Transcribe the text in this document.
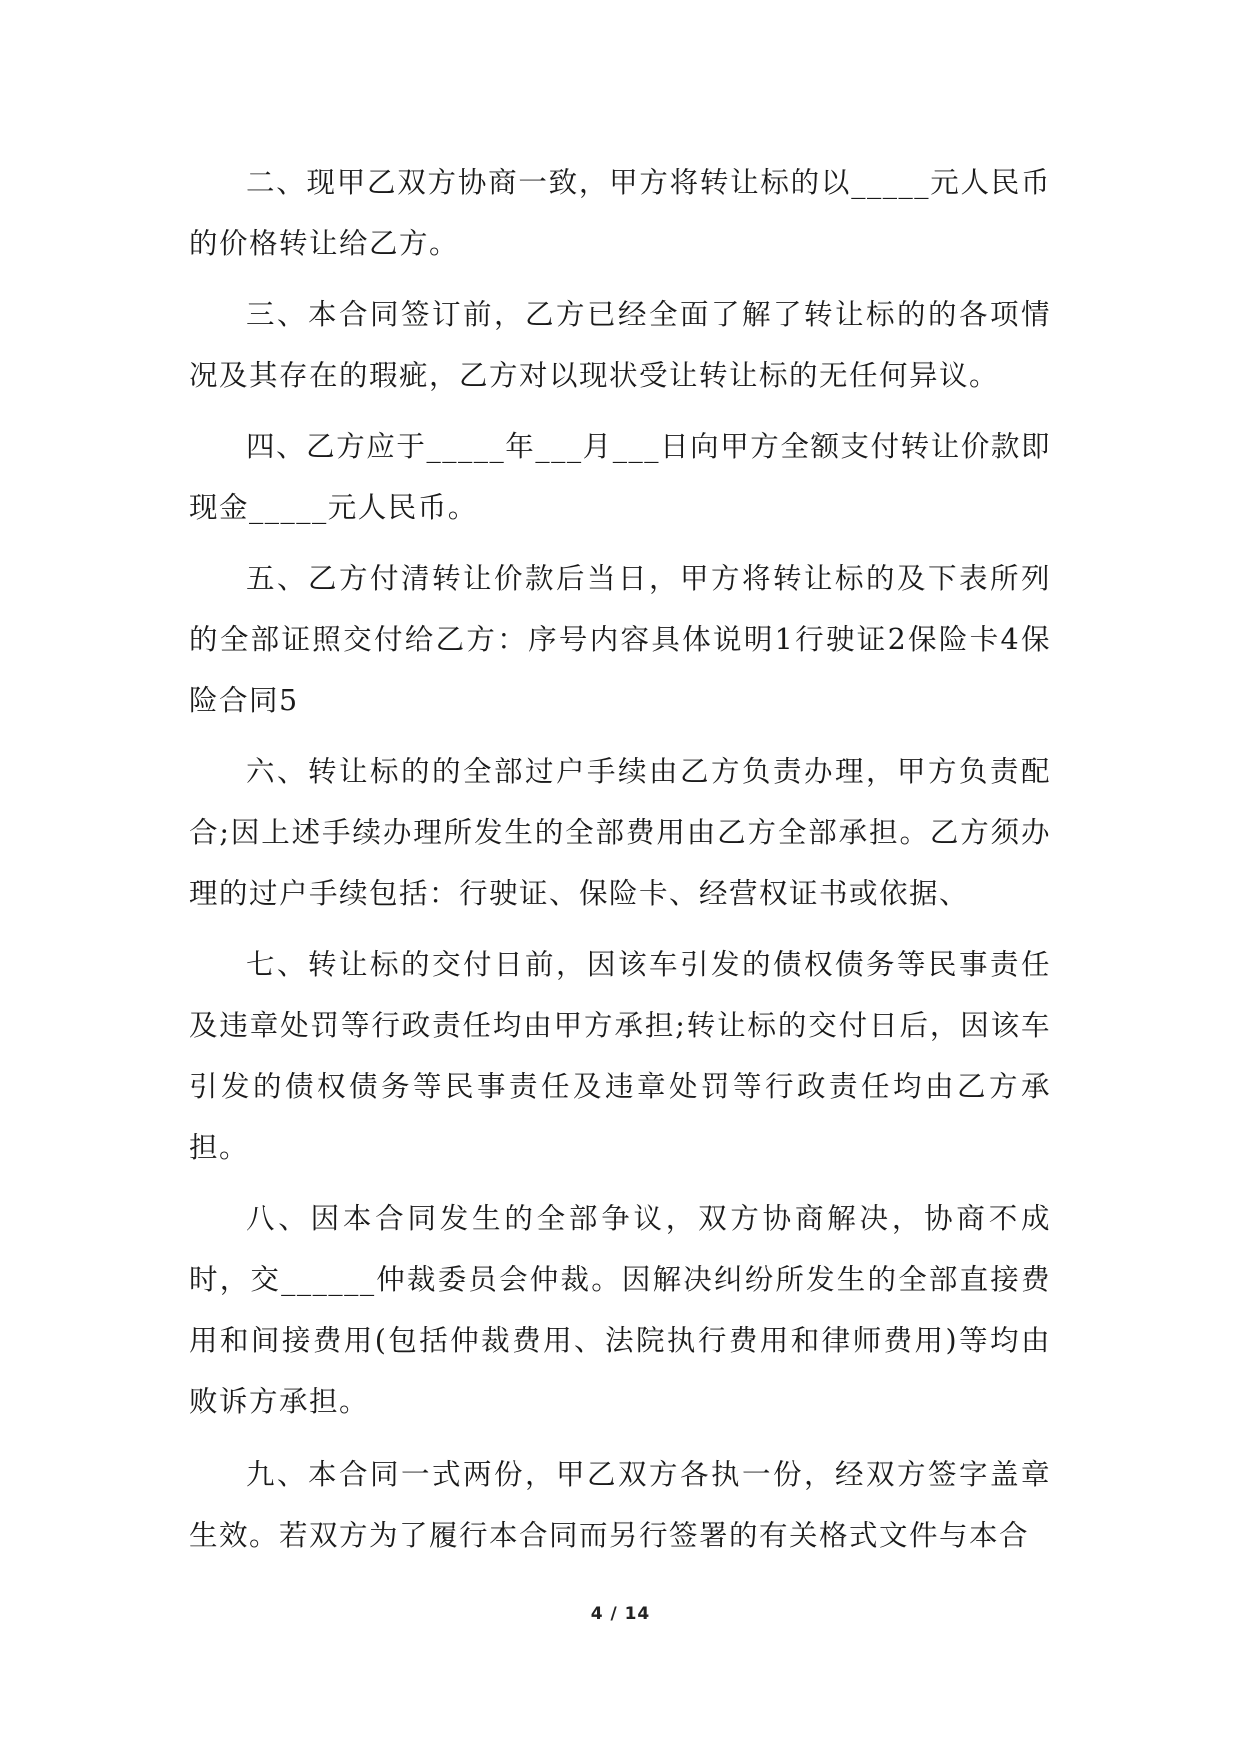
二、现甲乙双方协商一致，甲方将转让标的以_____元人民币的价格转让给乙方。

三、本合同签订前，乙方已经全面了解了转让标的的各项情况及其存在的瑕疵，乙方对以现状受让转让标的无任何异议。

四、乙方应于_____年___月___日向甲方全额支付转让价款即现金_____元人民币。

五、乙方付清转让价款后当日，甲方将转让标的及下表所列的全部证照交付给乙方：序号内容具体说明1行驶证2保险卡4保险合同5

六、转让标的的全部过户手续由乙方负责办理，甲方负责配合;因上述手续办理所发生的全部费用由乙方全部承担。乙方须办理的过户手续包括：行驶证、保险卡、经营权证书或依据、

七、转让标的交付日前，因该车引发的债权债务等民事责任及违章处罚等行政责任均由甲方承担;转让标的交付日后，因该车引发的债权债务等民事责任及违章处罚等行政责任均由乙方承担。

八、因本合同发生的全部争议，双方协商解决，协商不成时，交______仲裁委员会仲裁。因解决纠纷所发生的全部直接费用和间接费用(包括仲裁费用、法院执行费用和律师费用)等均由败诉方承担。

九、本合同一式两份，甲乙双方各执一份，经双方签字盖章生效。若双方为了履行本合同而另行签署的有关格式文件与本合

4 / 14
